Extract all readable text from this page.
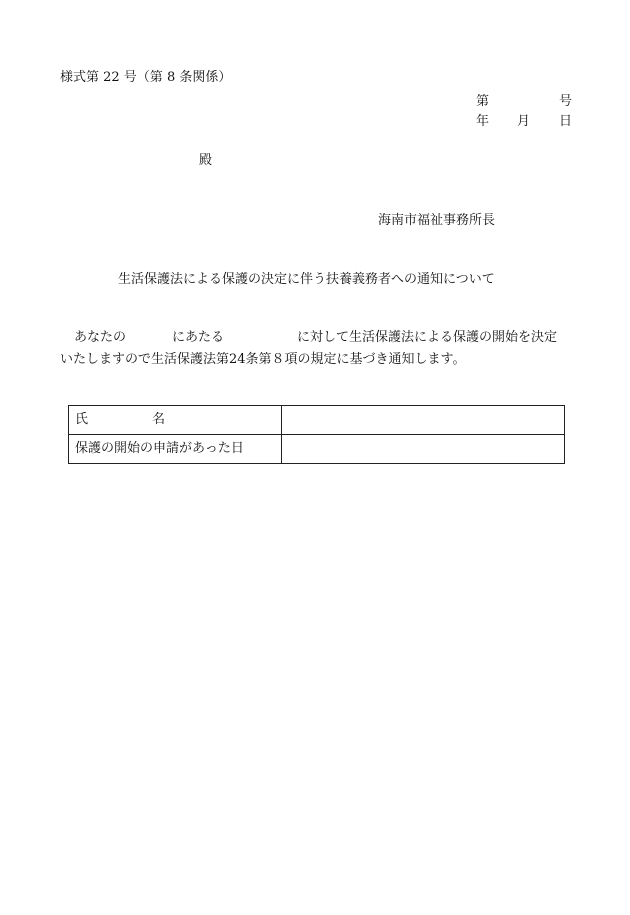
様式第 22 号（第 8 条関係）
第	号
年 月 日
殿
海南市福祉事務所長
生活保護法による保護の決定に伴う扶養義務者への通知について
あなたの	にあたる	に対して生活保護法による保護の開始を決定
いたしますので生活保護法第24条第８項の規定に基づき通知します。
氏 名	

保護の開始の申請があった日	
